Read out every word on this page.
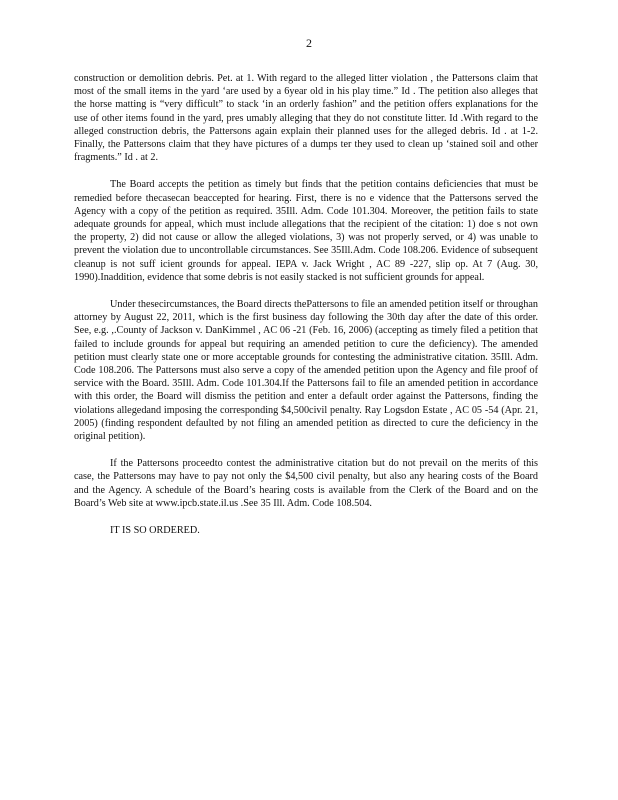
2

construction or demolition debris. Pet. at 1. With regard to the alleged litter violation , the Pattersons claim that most of the small items in the yard ‘are used by a 6year old in his play time.” Id . The petition also alleges that the horse matting is “very difficult” to stack ‘in an orderly fashion” and the petition offers explanations for the use of other items found in the yard, pres umably alleging that they do not constitute litter. Id .With regard to the alleged construction debris, the Pattersons again explain their planned uses for the alleged debris. Id . at 1-2. Finally, the Pattersons claim that they have pictures of a dumps ter they used to clean up ‘stained soil and other fragments.” Id . at 2.

The Board accepts the petition as timely but finds that the petition contains deficiencies that must be remedied before thecasecan beaccepted for hearing. First, there is no e vidence that the Pattersons served the Agency with a copy of the petition as required. 35Ill. Adm. Code 101.304. Moreover, the petition fails to state adequate grounds for appeal, which must include allegations that the recipient of the citation: 1) doe s not own the property, 2) did not cause or allow the alleged violations, 3) was not properly served, or 4) was unable to prevent the violation due to uncontrollable circumstances. See 35Ill.Adm. Code 108.206. Evidence of subsequent cleanup is not suff icient grounds for appeal. IEPA v. Jack Wright , AC 89 -227, slip op. At 7 (Aug. 30, 1990).Inaddition, evidence that some debris is not easily stacked is not sufficient grounds for appeal.

Under thesecircumstances, the Board directs thePattersons to file an amended petition itself or throughan attorney by August 22, 2011, which is the first business day following the 30th day after the date of this order. See, e.g. ,.County of Jackson v. DanKimmel , AC 06 -21 (Feb. 16, 2006) (accepting as timely filed a petition that failed to include grounds for appeal but requiring an amended petition to cure the deficiency). The amended petition must clearly state one or more acceptable grounds for contesting the administrative citation. 35Ill. Adm. Code 108.206. The Pattersons must also serve a copy of the amended petition upon the Agency and file proof of service with the Board. 35Ill. Adm. Code 101.304.If the Pattersons fail to file an amended petition in accordance with this order, the Board will dismiss the petition and enter a default order against the Pattersons, finding the violations allegedand imposing the corresponding $4,500civil penalty. Ray Logsdon Estate , AC 05 -54 (Apr. 21, 2005) (finding respondent defaulted by not filing an amended petition as directed to cure the deficiency in the original petition).

If the Pattersons proceedto contest the administrative citation but do not prevail on the merits of this case, the Pattersons may have to pay not only the $4,500 civil penalty, but also any hearing costs of the Board and the Agency. A schedule of the Board’s hearing costs is available from the Clerk of the Board and on the Board’s Web site at www.ipcb.state.il.us .See 35 Ill. Adm. Code 108.504.

IT IS SO ORDERED.
